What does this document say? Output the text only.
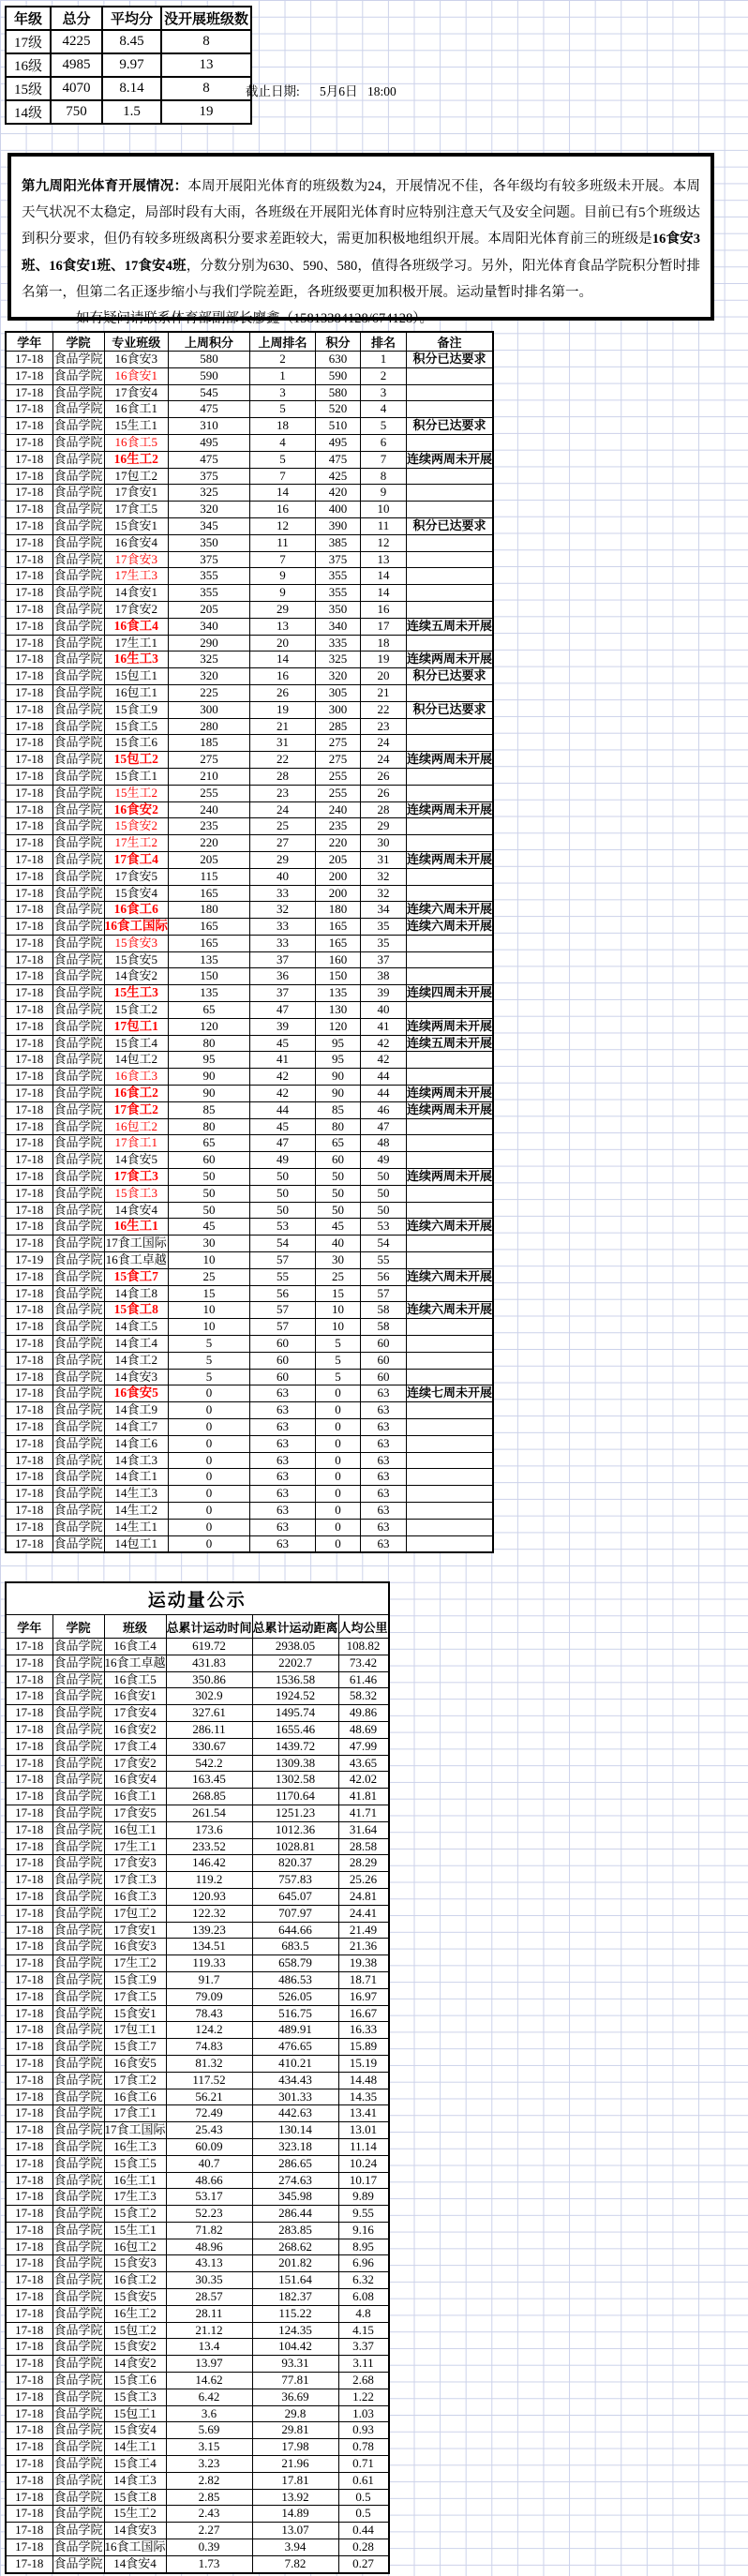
年级	总分	平均分	没开展班级数
17级	4225	8.45	8
16级	4985	9.97	13
15级	4070	8.14	8
14级	750	1.5	19
截止日期: 5月6日 18:00

第九周阳光体育开展情况：本周开展阳光体育的班级数为24，开展情况不佳，各年级均有较多班级未开展。本周天气状况不太稳定，局部时段有大雨，各班级在开展阳光体育时应特别注意天气及安全问题。目前已有5个班级达到积分要求，但仍有较多班级离积分要求差距较大，需更加积极地组织开展。本周阳光体育前三的班级是16食安3班、16食安1班、17食安4班，分数分别为630、590、580，值得各班级学习。另外，阳光体育食品学院积分暂时排名第一，但第二名正逐步缩小与我们学院差距，各班级要更加积极开展。运动量暂时排名第一。

如有疑问请联系体育部副部长廖鑫（15813384128/674128）。

学年	学院	专业班级	上周积分	上周排名	积分	排名	备注
17-18	食品学院	16食安3	580	2	630	1	积分已达要求
17-18	食品学院	16食安1	590	1	590	2	
17-18	食品学院	17食安4	545	3	580	3	
17-18	食品学院	16食工1	475	5	520	4	
17-18	食品学院	15生工1	310	18	510	5	积分已达要求
17-18	食品学院	16食工5	495	4	495	6	
17-18	食品学院	16生工2	475	5	475	7	连续两周未开展
17-18	食品学院	17包工2	375	7	425	8	
17-18	食品学院	17食安1	325	14	420	9	
17-18	食品学院	17食工5	320	16	400	10	
17-18	食品学院	15食安1	345	12	390	11	积分已达要求
17-18	食品学院	16食安4	350	11	385	12	
17-18	食品学院	17食安3	375	7	375	13	
17-18	食品学院	17生工3	355	9	355	14	
17-18	食品学院	14食安1	355	9	355	14	
17-18	食品学院	17食安2	205	29	350	16	
17-18	食品学院	16食工4	340	13	340	17	连续五周未开展
17-18	食品学院	17生工1	290	20	335	18	
17-18	食品学院	16生工3	325	14	325	19	连续两周未开展
17-18	食品学院	15包工1	320	16	320	20	积分已达要求
17-18	食品学院	16包工1	225	26	305	21	
17-18	食品学院	15食工9	300	19	300	22	积分已达要求
17-18	食品学院	15食工5	280	21	285	23	
17-18	食品学院	15食工6	185	31	275	24	
17-18	食品学院	15包工2	275	22	275	24	连续两周未开展
17-18	食品学院	15食工1	210	28	255	26	
17-18	食品学院	15生工2	255	23	255	26	
17-18	食品学院	16食安2	240	24	240	28	连续两周未开展
17-18	食品学院	15食安2	235	25	235	29	
17-18	食品学院	17生工2	220	27	220	30	
17-18	食品学院	17食工4	205	29	205	31	连续两周未开展
17-18	食品学院	17食安5	115	40	200	32	
17-18	食品学院	15食安4	165	33	200	32	
17-18	食品学院	16食工6	180	32	180	34	连续六周未开展
17-18	食品学院	16食工国际	165	33	165	35	连续六周未开展
17-18	食品学院	15食安3	165	33	165	35	
17-18	食品学院	15食安5	135	37	160	37	
17-18	食品学院	14食安2	150	36	150	38	
17-18	食品学院	15生工3	135	37	135	39	连续四周未开展
17-18	食品学院	15食工2	65	47	130	40	
17-18	食品学院	17包工1	120	39	120	41	连续两周未开展
17-18	食品学院	15食工4	80	45	95	42	连续五周未开展
17-18	食品学院	14包工2	95	41	95	42	
17-18	食品学院	16食工3	90	42	90	44	
17-18	食品学院	16食工2	90	42	90	44	连续两周未开展
17-18	食品学院	17食工2	85	44	85	46	连续两周未开展
17-18	食品学院	16包工2	80	45	80	47	
17-18	食品学院	17食工1	65	47	65	48	
17-18	食品学院	14食安5	60	49	60	49	
17-18	食品学院	17食工3	50	50	50	50	连续两周未开展
17-18	食品学院	15食工3	50	50	50	50	
17-18	食品学院	14食安4	50	50	50	50	
17-18	食品学院	16生工1	45	53	45	53	连续六周未开展
17-18	食品学院	17食工国际	30	54	40	54	
17-19	食品学院	16食工卓越	10	57	30	55	
17-18	食品学院	15食工7	25	55	25	56	连续六周未开展
17-18	食品学院	14食工8	15	56	15	57	
17-18	食品学院	15食工8	10	57	10	58	连续六周未开展
17-18	食品学院	14食工5	10	57	10	58	
17-18	食品学院	14食工4	5	60	5	60	
17-18	食品学院	14食工2	5	60	5	60	
17-18	食品学院	14食安3	5	60	5	60	
17-18	食品学院	16食安5	0	63	0	63	连续七周未开展
17-18	食品学院	14食工9	0	63	0	63	
17-18	食品学院	14食工7	0	63	0	63	
17-18	食品学院	14食工6	0	63	0	63	
17-18	食品学院	14食工3	0	63	0	63	
17-18	食品学院	14食工1	0	63	0	63	
17-18	食品学院	14生工3	0	63	0	63	
17-18	食品学院	14生工2	0	63	0	63	
17-18	食品学院	14生工1	0	63	0	63	
17-18	食品学院	14包工1	0	63	0	63	
运动量公示					
学年	学院	班级	总累计运动时间	总累计运动距离	人均公里
17-18	食品学院	16食工4	619.72	2938.05	108.82
17-18	食品学院	16食工卓越	431.83	2202.7	73.42
17-18	食品学院	16食工5	350.86	1536.58	61.46
17-18	食品学院	16食安1	302.9	1924.52	58.32
17-18	食品学院	17食安4	327.61	1495.74	49.86
17-18	食品学院	16食安2	286.11	1655.46	48.69
17-18	食品学院	17食工4	330.67	1439.72	47.99
17-18	食品学院	17食安2	542.2	1309.38	43.65
17-18	食品学院	16食安4	163.45	1302.58	42.02
17-18	食品学院	16食工1	268.85	1170.64	41.81
17-18	食品学院	17食安5	261.54	1251.23	41.71
17-18	食品学院	16包工1	173.6	1012.36	31.64
17-18	食品学院	17生工1	233.52	1028.81	28.58
17-18	食品学院	17食安3	146.42	820.37	28.29
17-18	食品学院	17食工3	119.2	757.83	25.26
17-18	食品学院	16食工3	120.93	645.07	24.81
17-18	食品学院	17包工2	122.32	707.97	24.41
17-18	食品学院	17食安1	139.23	644.66	21.49
17-18	食品学院	16食安3	134.51	683.5	21.36
17-18	食品学院	17生工2	119.33	658.79	19.38
17-18	食品学院	15食工9	91.7	486.53	18.71
17-18	食品学院	17食工5	79.09	526.05	16.97
17-18	食品学院	15食安1	78.43	516.75	16.67
17-18	食品学院	17包工1	124.2	489.91	16.33
17-18	食品学院	15食工7	74.83	476.65	15.89
17-18	食品学院	16食安5	81.32	410.21	15.19
17-18	食品学院	17食工2	117.52	434.43	14.48
17-18	食品学院	16食工6	56.21	301.33	14.35
17-18	食品学院	17食工1	72.49	442.63	13.41
17-18	食品学院	17食工国际	25.43	130.14	13.01
17-18	食品学院	16生工3	60.09	323.18	11.14
17-18	食品学院	15食工5	40.7	286.65	10.24
17-18	食品学院	16生工1	48.66	274.63	10.17
17-18	食品学院	17生工3	53.17	345.98	9.89
17-18	食品学院	15食工2	52.23	286.44	9.55
17-18	食品学院	15生工1	71.82	283.85	9.16
17-18	食品学院	16包工2	48.96	268.62	8.95
17-18	食品学院	15食安3	43.13	201.82	6.96
17-18	食品学院	16食工2	30.35	151.64	6.32
17-18	食品学院	15食安5	28.57	182.37	6.08
17-18	食品学院	16生工2	28.11	115.22	4.8
17-18	食品学院	15包工2	21.12	124.35	4.15
17-18	食品学院	15食安2	13.4	104.42	3.37
17-18	食品学院	14食安2	13.97	93.31	3.11
17-18	食品学院	15食工6	14.62	77.81	2.68
17-18	食品学院	15食工3	6.42	36.69	1.22
17-18	食品学院	15包工1	3.6	29.8	1.03
17-18	食品学院	15食安4	5.69	29.81	0.93
17-18	食品学院	14生工1	3.15	17.98	0.78
17-18	食品学院	15食工4	3.23	21.96	0.71
17-18	食品学院	14食工3	2.82	17.81	0.61
17-18	食品学院	15食工8	2.85	13.92	0.5
17-18	食品学院	15生工2	2.43	14.89	0.5
17-18	食品学院	14食安3	2.27	13.07	0.44
17-18	食品学院	16食工国际	0.39	3.94	0.28
17-18	食品学院	14食安4	1.73	7.82	0.27
